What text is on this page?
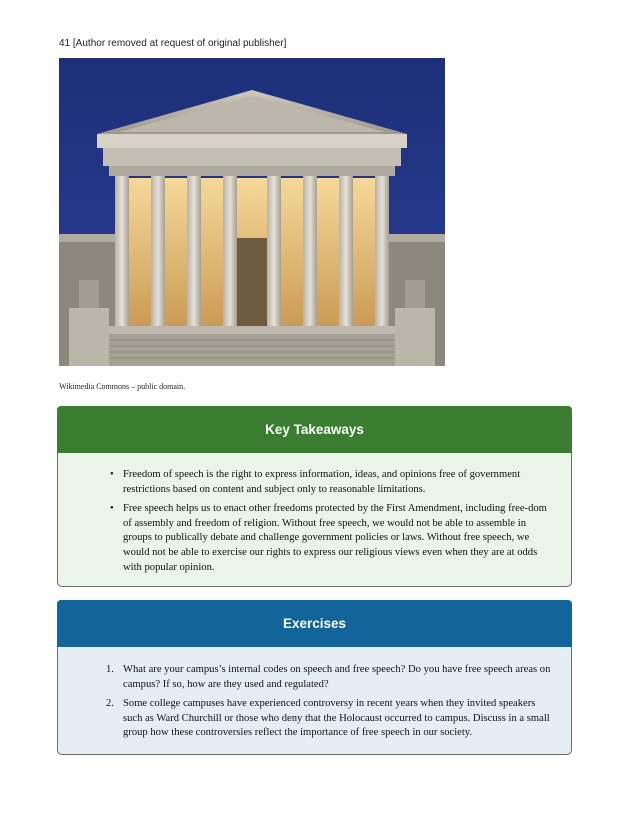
41 [Author removed at request of original publisher]
Wikimedia Commons – public domain.
Key Takeaways
• Freedom of speech is the right to express information, ideas, and opinions free of government restrictions based on content and subject only to reasonable limitations.
• Free speech helps us to enact other freedoms protected by the First Amendment, including free-dom of assembly and freedom of religion. Without free speech, we would not be able to assemble in groups to publically debate and challenge government policies or laws. Without free speech, we would not be able to exercise our rights to express our religious views even when they are at odds with popular opinion.
Exercises
1. What are your campus’s internal codes on speech and free speech? Do you have free speech areas on campus? If so, how are they used and regulated?
2. Some college campuses have experienced controversy in recent years when they invited speakers such as Ward Churchill or those who deny that the Holocaust occurred to campus. Discuss in a small group how these controversies reflect the importance of free speech in our society.
